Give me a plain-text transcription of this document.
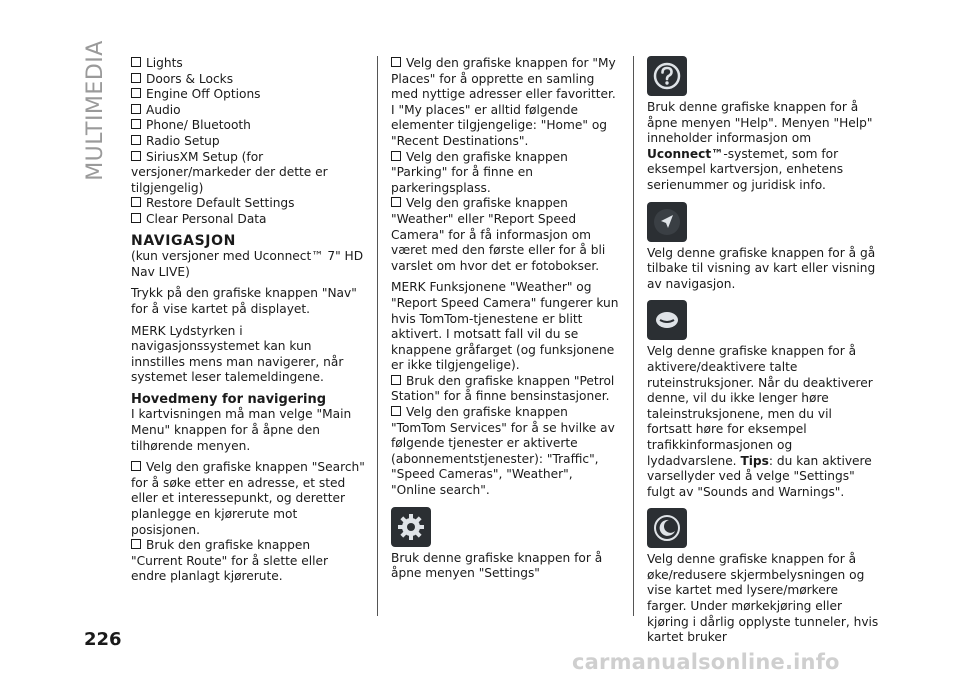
MULTIMEDIA	Lights

Doors & Locks

Engine Off Options

Audio

Phone/ Bluetooth

Radio Setup

SiriusXM Setup (for versjoner/markeder der dette er tilgjengelig)

Restore Default Settings

Clear Personal Data

NAVIGASJON

(kun versjoner med Uconnect™ 7" HD Nav LIVE)

Trykk på den grafiske knappen "Nav" for å vise kartet på displayet.

MERK Lydstyrken i navigasjonssystemet kan kun innstilles mens man navigerer, når systemet leser talemeldingene.

Hovedmeny for navigering

I kartvisningen må man velge "Main Menu" knappen for å åpne den tilhørende menyen.

Velg den grafiske knappen "Search" for å søke etter en adresse, et sted eller et interessepunkt, og deretter planlegge en kjørerute mot posisjonen.

Bruk den grafiske knappen "Current Route" for å slette eller endre planlagt kjørerute.

Velg den grafiske knappen for "My Places" for å opprette en samling med nyttige adresser eller favoritter. I "My places" er alltid følgende elementer tilgjengelige: "Home" og "Recent Destinations".

Velg den grafiske knappen "Parking" for å finne en parkeringsplass.

Velg den grafiske knappen "Weather" eller "Report Speed Camera" for å få informasjon om været med den første eller for å bli varslet om hvor det er fotobokser.

MERK Funksjonene "Weather" og "Report Speed Camera" fungerer kun hvis TomTom-tjenestene er blitt aktivert. I motsatt fall vil du se knappene gråfarget (og funksjonene er ikke tilgjengelige).

Bruk den grafiske knappen "Petrol Station" for å finne bensinstasjoner.

Velg den grafiske knappen "TomTom Services" for å se hvilke av følgende tjenester er aktiverte (abonnementstjenester): "Traffic", "Speed Cameras", "Weather", "Online search".

Bruk denne grafiske knappen for å åpne menyen "Settings"

Bruk denne grafiske knappen for å åpne menyen "Help". Menyen "Help" inneholder informasjon om Uconnect™-systemet, som for eksempel kartversjon, enhetens serienummer og juridisk info.

Velg denne grafiske knappen for å gå tilbake til visning av kart eller visning av navigasjon.

Velg denne grafiske knappen for å aktivere/deaktivere talte ruteinstruksjoner. Når du deaktiverer denne, vil du ikke lenger høre taleinstruksjonene, men du vil fortsatt høre for eksempel trafikkinformasjonen og lydadvarslene. Tips: du kan aktivere varsellyder ved å velge "Settings" fulgt av "Sounds and Warnings".

Velg denne grafiske knappen for å øke/redusere skjermbelysningen og vise kartet med lysere/mørkere farger. Under mørkekjøring eller kjøring i dårlig opplyste tunneler, hvis kartet bruker

226
carmanualsonline.info
